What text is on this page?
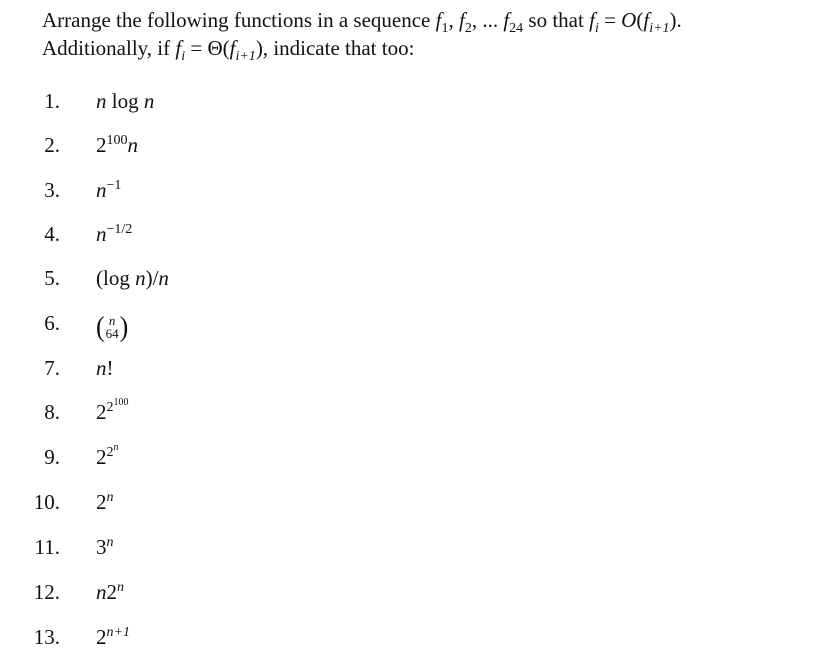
Arrange the following functions in a sequence $f_1$, $f_2$, ... $f_{24}$ so that $f_i = O(f_{i+1})$.
Additionally, if $f_i = \Theta(f_{i+1})$, indicate that too:
1. n log n
2. $2^{100}n$
3. $n^{-1}$
4. $n^{-1/2}$
5. (log n)/n
6. ( n
64 )
7. n!
8. $2^{2^{100}}$
9. $2^{2^n}$
10. 2$^n$
11. 3$^n$
12. n2$^n$
13. $2^{n+1}$
